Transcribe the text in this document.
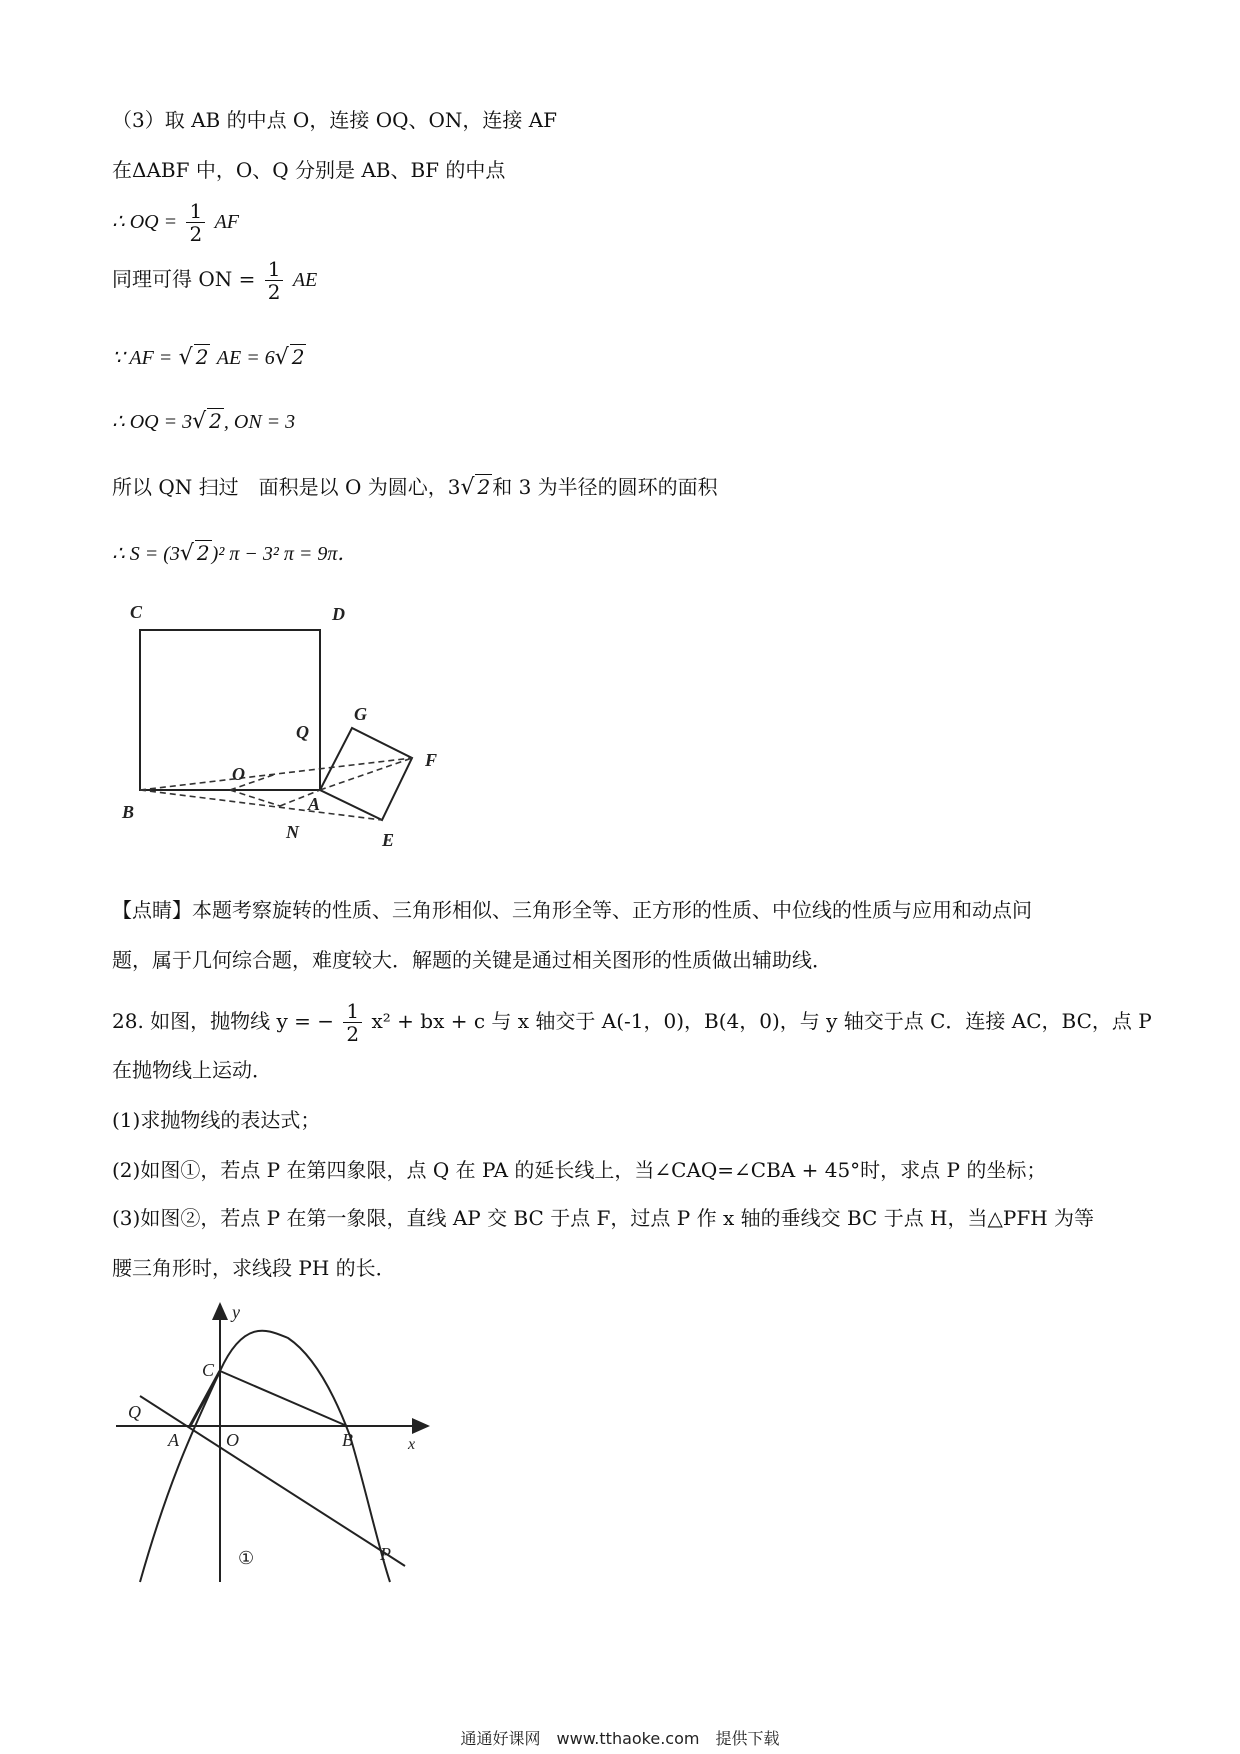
（3）取 AB 的中点 O，连接 OQ、ON，连接 AF
在ΔABF 中，O、Q 分别是 AB、BF 的中点
∴ OQ = $\frac{1}{2}$ AF
同理可得 ON = $\frac{1}{2}$ AE
∵ AF = √ 2 AE = 6√ 2
∴ OQ = 3√ 2 , ON = 3
所以 QN 扫过　面积是以 O 为圆心，3√ 2 和 3 为半径的圆环的面积
∴ S = (3√ 2 )² π − 3² π = 9π．
C	D
Q
G
O
F
B	A
N	E
【点睛】本题考察旋转的性质、三角形相似、三角形全等、正方形的性质、中位线的性质与应用和动点问
题，属于几何综合题，难度较大．解题的关键是通过相关图形的性质做出辅助线．
28. 如图，抛物线 y = − $\frac{1}{2} x^2$ + bx + c 与 x 轴交于 A(-1，0)，B(4，0)，与 y 轴交于点 C．连接 AC，BC，点 P
在抛物线上运动．
(1)求抛物线的表达式；
(2)如图①，若点 P 在第四象限，点 Q 在 PA 的延长线上，当∠CAQ=∠CBA + 45°时，求点 P 的坐标；
(3)如图②，若点 P 在第一象限，直线 AP 交 BC 于点 F，过点 P 作 x 轴的垂线交 BC 于点 H，当△PFH 为等
腰三角形时，求线段 PH 的长．
y
x
C
Q
A	O	B
P
①
通通好课网　www.tthaoke.com　提供下载
